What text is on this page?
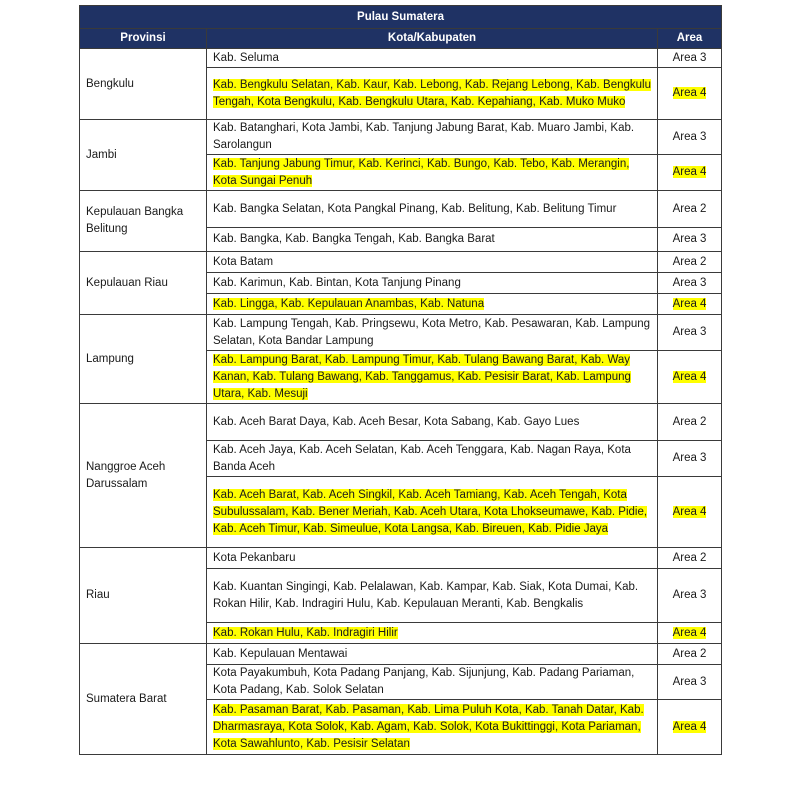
Pulau Sumatera		
Provinsi	Kota/Kabupaten	Area
Bengkulu	Kab. Seluma	Area 3
	Kab. Bengkulu Selatan, Kab. Kaur, Kab. Lebong, Kab. Rejang Lebong, Kab. Bengkulu Tengah, Kota Bengkulu, Kab. Bengkulu Utara, Kab. Kepahiang, Kab. Muko Muko	Area 4
Jambi	Kab. Batanghari, Kota Jambi, Kab. Tanjung Jabung Barat, Kab. Muaro Jambi, Kab. Sarolangun	Area 3
	Kab. Tanjung Jabung Timur, Kab. Kerinci, Kab. Bungo, Kab. Tebo, Kab. Merangin, Kota Sungai Penuh	Area 4
Kepulauan Bangka Belitung	Kab. Bangka Selatan, Kota Pangkal Pinang, Kab. Belitung, Kab. Belitung Timur	Area 2
	Kab. Bangka, Kab. Bangka Tengah, Kab. Bangka Barat	Area 3
Kepulauan Riau	Kota Batam	Area 2
	Kab. Karimun, Kab. Bintan, Kota Tanjung Pinang	Area 3
	Kab. Lingga, Kab. Kepulauan Anambas, Kab. Natuna	Area 4
Lampung	Kab. Lampung Tengah, Kab. Pringsewu, Kota Metro, Kab. Pesawaran, Kab. Lampung Selatan, Kota Bandar Lampung	Area 3
	Kab. Lampung Barat, Kab. Lampung Timur, Kab. Tulang Bawang Barat, Kab. Way Kanan, Kab. Tulang Bawang, Kab. Tanggamus, Kab. Pesisir Barat, Kab. Lampung Utara, Kab. Mesuji	Area 4
Nanggroe Aceh Darussalam	Kab. Aceh Barat Daya, Kab. Aceh Besar, Kota Sabang, Kab. Gayo Lues	Area 2
	Kab. Aceh Jaya, Kab. Aceh Selatan, Kab. Aceh Tenggara, Kab. Nagan Raya, Kota Banda Aceh	Area 3
	Kab. Aceh Barat, Kab. Aceh Singkil, Kab. Aceh Tamiang, Kab. Aceh Tengah, Kota Subulussalam, Kab. Bener Meriah, Kab. Aceh Utara, Kota Lhokseumawe, Kab. Pidie, Kab. Aceh Timur, Kab. Simeulue, Kota Langsa, Kab. Bireuen, Kab. Pidie Jaya	Area 4
Riau	Kota Pekanbaru	Area 2
	Kab. Kuantan Singingi, Kab. Pelalawan, Kab. Kampar, Kab. Siak, Kota Dumai, Kab. Rokan Hilir, Kab. Indragiri Hulu, Kab. Kepulauan Meranti, Kab. Bengkalis	Area 3
	Kab. Rokan Hulu, Kab. Indragiri Hilir	Area 4
Sumatera Barat	Kab. Kepulauan Mentawai	Area 2
	Kota Payakumbuh, Kota Padang Panjang, Kab. Sijunjung, Kab. Padang Pariaman, Kota Padang, Kab. Solok Selatan	Area 3
	Kab. Pasaman Barat, Kab. Pasaman, Kab. Lima Puluh Kota, Kab. Tanah Datar, Kab. Dharmasraya, Kota Solok, Kab. Agam, Kab. Solok, Kota Bukittinggi, Kota Pariaman, Kota Sawahlunto, Kab. Pesisir Selatan	Area 4
